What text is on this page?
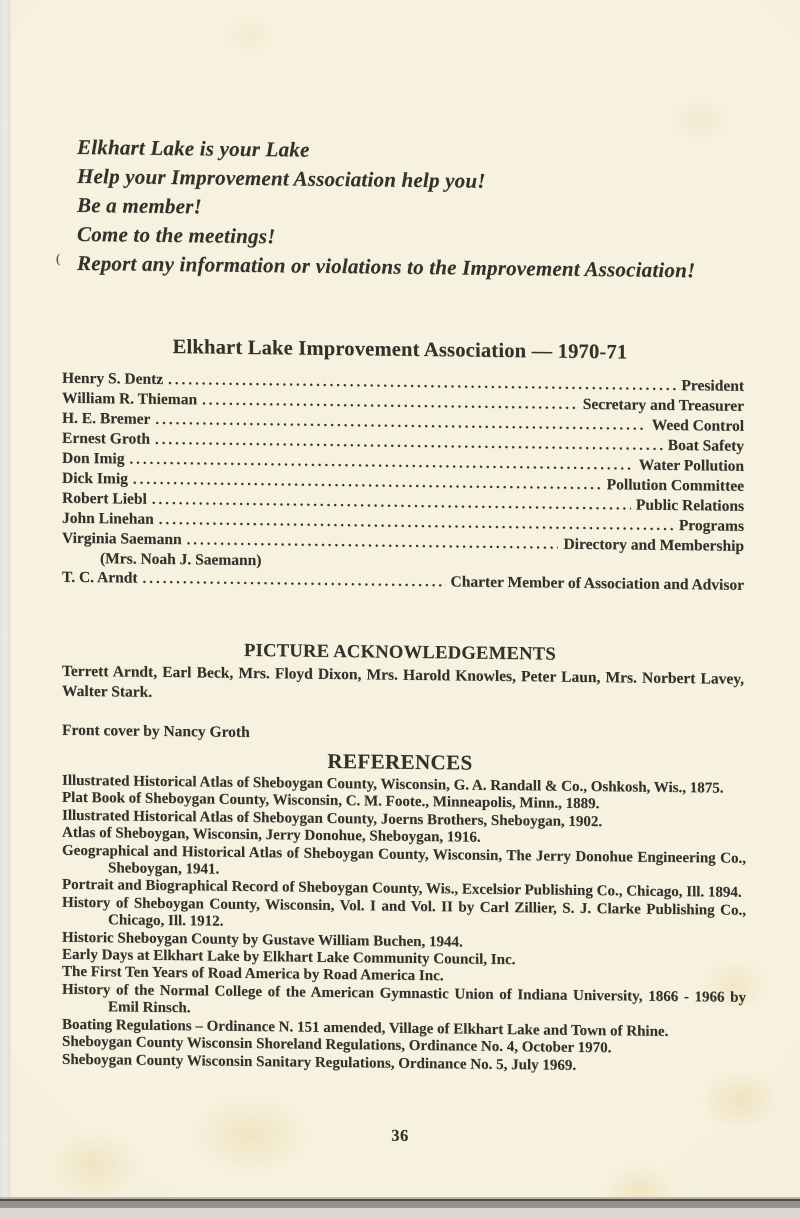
Elkhart Lake is your Lake
Help your Improvement Association help you!
Be a member!
Come to the meetings!
Report any information or violations to the Improvement Association!
(
Elkhart Lake Improvement Association — 1970-71
Henry S. Dentz .....	President
William R. Thieman .....	Secretary and Treasurer
H. E. Bremer .....	Weed Control
Ernest Groth .....	Boat Safety
Don Imig .....	Water Pollution
Dick Imig .....	Pollution Committee
Robert Liebl .....	Public Relations
John Linehan .....	Programs
Virginia Saemann .....	Directory and Membership
(Mrs. Noah J. Saemann)
T. C. Arndt .....	Charter Member of Association and Advisor
PICTURE ACKNOWLEDGEMENTS

Terrett Arndt, Earl Beck, Mrs. Floyd Dixon, Mrs. Harold Knowles, Peter Laun, Mrs. Norbert Lavey, Walter Stark.

Front cover by Nancy Groth

REFERENCES
Illustrated Historical Atlas of Sheboygan County, Wisconsin, G. A. Randall & Co., Oshkosh, Wis., 1875.
Plat Book of Sheboygan County, Wisconsin, C. M. Foote., Minneapolis, Minn., 1889.
Illustrated Historical Atlas of Sheboygan County, Joerns Brothers, Sheboygan, 1902.
Atlas of Sheboygan, Wisconsin, Jerry Donohue, Sheboygan, 1916.
Geographical and Historical Atlas of Sheboygan County, Wisconsin, The Jerry Donohue Engineering Co., Sheboygan, 1941.
Portrait and Biographical Record of Sheboygan County, Wis., Excelsior Publishing Co., Chicago, Ill. 1894.
History of Sheboygan County, Wisconsin, Vol. I and Vol. II by Carl Zillier, S. J. Clarke Publishing Co., Chicago, Ill. 1912.
Historic Sheboygan County by Gustave William Buchen, 1944.
Early Days at Elkhart Lake by Elkhart Lake Community Council, Inc.
The First Ten Years of Road America by Road America Inc.
History of the Normal College of the American Gymnastic Union of Indiana University, 1866 - 1966 by Emil Rinsch.
Boating Regulations – Ordinance N. 151 amended, Village of Elkhart Lake and Town of Rhine.
Sheboygan County Wisconsin Shoreland Regulations, Ordinance No. 4, October 1970.
Sheboygan County Wisconsin Sanitary Regulations, Ordinance No. 5, July 1969.
36
